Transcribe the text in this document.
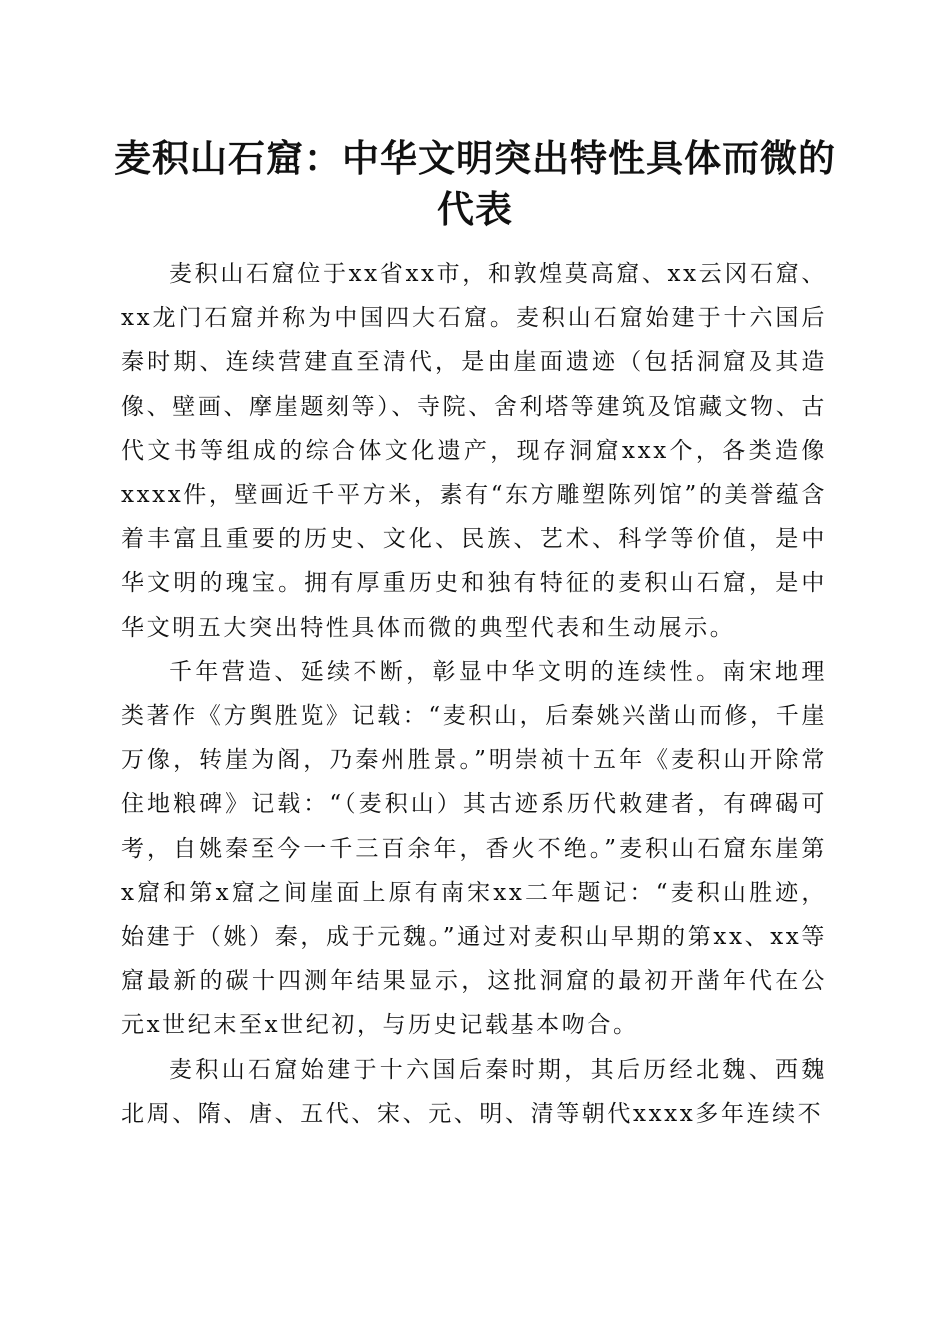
麦积山石窟：中华文明突出特性具体而微的代表

麦积山石窟位于xx省xx市，和敦煌莫高窟、xx云冈石窟、xx龙门石窟并称为中国四大石窟。麦积山石窟始建于十六国后秦时期、连续营建直至清代，是由崖面遗迹（包括洞窟及其造像、壁画、摩崖题刻等）、寺院、舍利塔等建筑及馆藏文物、古代文书等组成的综合体文化遗产，现存洞窟xxx个，各类造像xxxx件，壁画近千平方米，素有“东方雕塑陈列馆”的美誉蕴含着丰富且重要的历史、文化、民族、艺术、科学等价值，是中华文明的瑰宝。拥有厚重历史和独有特征的麦积山石窟，是中华文明五大突出特性具体而微的典型代表和生动展示。

千年营造、延续不断，彰显中华文明的连续性。南宋地理类著作《方舆胜览》记载：“麦积山，后秦姚兴凿山而修，千崖万像，转崖为阁，乃秦州胜景。”明崇祯十五年《麦积山开除常住地粮碑》记载：“（麦积山）其古迹系历代敕建者，有碑碣可考，自姚秦至今一千三百余年，香火不绝。”麦积山石窟东崖第x窟和第x窟之间崖面上原有南宋xx二年题记：“麦积山胜迹，始建于（姚）秦，成于元魏。”通过对麦积山早期的第xx、xx等窟最新的碳十四测年结果显示，这批洞窟的最初开凿年代在公元x世纪末至x世纪初，与历史记载基本吻合。

麦积山石窟始建于十六国后秦时期，其后历经北魏、西魏北周、隋、唐、五代、宋、元、明、清等朝代xxxx多年连续不
